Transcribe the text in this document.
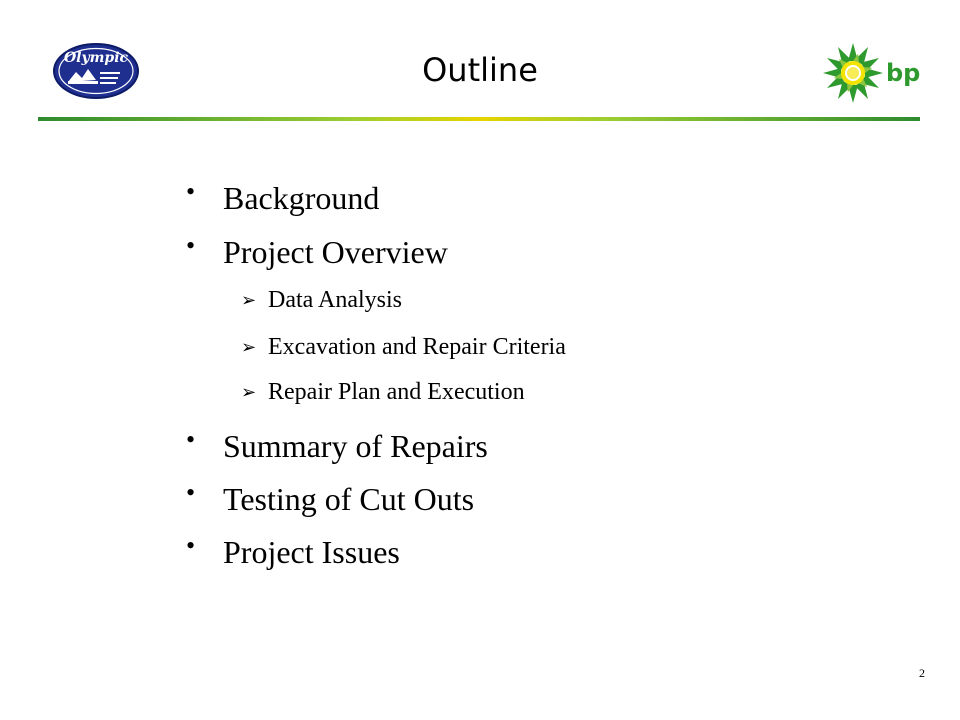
Olympic	Outline	bp
• Background
• Project Overview
➢ Data Analysis
➢ Excavation and Repair Criteria
➢ Repair Plan and Execution
• Summary of Repairs
• Testing of Cut Outs
• Project Issues
2
